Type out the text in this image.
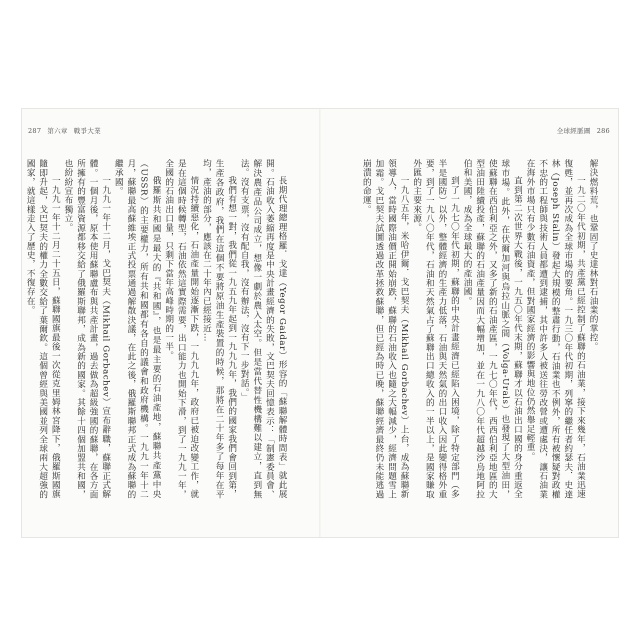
287 第六章 戰爭大業

長期代理總理格羅．戈達（Yegor Gaidar）形容的「蘇聯解體時間表」就此展開。石油收入萎縮再度是中央計畫經濟的失敗，文巴契夫回憶表示：「制憲委員會、解決農產品公司成立，想像一劇於農入太空。但是當代替性機構難以建立，直到無法。沒有支票，沒有配自我，沒有辦法，沒有下一步對話。」

我們有想一對，我們從一九五九年起到一九九九年，我們的國家我們會回到第，生產各政府，我們在這個不要將原油生產裝置的時候，那將在二十年多了每年在平均，產油的部分，應該在二十年內已經接近…

情況持續惡化，石油產量開始逐漸下跌，一九九九年，政府已被迫改變工作，就是在這個時候轉型，石油依然這實際需要，出口能力也開始下滑，到了一九九一年，全國的石油出口量，只剩下當年高峰時期的一半。

俄羅斯共和國是最大的『共和國』，也是最主要的石油產地，蘇聯共產黨中央（USSR）的主要權力，所有共和國都有各自的議會和政府機構。一九九一年十二月，蘇聯最高蘇維埃正式投票通過解散決議，在此之後，俄羅斯聯邦正式成為蘇聯的繼承國。

一九九一年十二月，戈巴契夫（Mikhail Gorbachev）宣布辭職，蘇聯正式解體。一個月後，原本使用蘇聯盧布與共產計畫，過去做為超級強國的蘇聯，在各方面所擁有的豐富資源都移交給了俄羅斯聯邦，成為新的國家。其餘十四個加盟共和國，也紛紛宣布獨立。

一九九一年十二月二十五日，蘇聯國旗最後一次從克里姆林宮降下，俄羅斯國旗隨即升起，戈巴契夫的權力全數交給了葉爾欽。這個曾經與美國並列全球兩大超強的國家，就這樣走入了歷史，不復存在。

全球經脈圖 286

解決燃料荒，也鞏固了史達林對石油業的掌控。

一九二〇年代初期，共產黨已經控制了蘇聯的石油業，接下來幾年，石油業迅速復甦，並再次成為全球市場的要角。一九三〇年代初期，列寧的繼任者約瑟夫．史達林（Joseph Stalin）發起大規模的整肅行動，石油業也不例外，所有被懷疑對政權不忠的工程師與技術人員都遭到逮捕，其中許多人被送往勞改營或遭處決，讓石油業在海外市場只有少數石油資產，但對國家經濟的影響與地位仍然舉足輕重。

直到第二次世界大戰後，一九五〇年代末期，蘇聯才以石油出口國的身分重返全球市場。此外，在伏爾加河與烏拉山脈之間（Volga-Urals）也發現了大型油田，使蘇聯在西伯利亞之外，又多了新的石油產區，一九七〇年代，西西伯利亞地區的大型油田陸續投產，蘇聯的石油產量因而大幅增加，並在一九八〇年代超越沙烏地阿拉伯和美國，成為全球最大的產油國。

到了一九七〇年代初期，蘇聯的中央計畫經濟已經陷入困境，除了特定部門（多半是國防）以外，整體經濟的生產力低落，石油與天然氣的出口收入因此變得格外重要，到了一九八〇年代，石油和天然氣占了蘇聯出口總收入的一半以上，是國家賺取外匯的主要來源。

一九八五年，米哈伊爾．戈巴契夫（Mikhail Gorbachev）上台，成為蘇聯新領導人，當時國際油價正開始崩跌，蘇聯的石油收入也隨之大幅減少，經濟問題雪上加霜。戈巴契夫試圖透過改革拯救蘇聯，但已經為時已晚，蘇聯經濟最終仍未能逃過崩潰的命運。
